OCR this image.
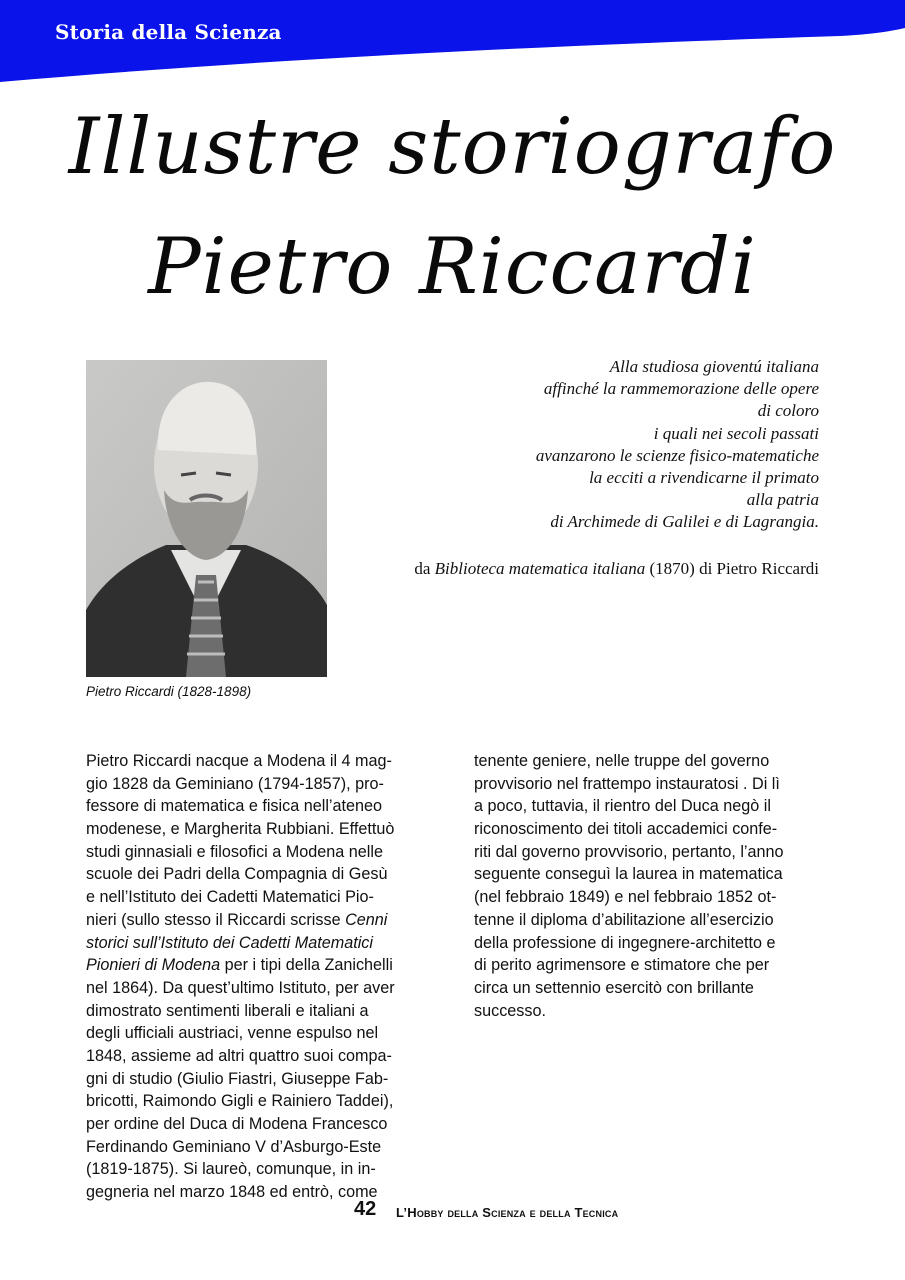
Storia della Scienza
Illustre storiografo
Pietro Riccardi
Pietro Riccardi (1828-1898)
Alla studiosa gioventú italiana
affinché la rammemorazione delle opere
di coloro
i quali nei secoli passati
avanzarono le scienze fisico-matematiche
la ecciti a rivendicarne il primato
alla patria
di Archimede di Galilei e di Lagrangia.
da Biblioteca matematica italiana (1870) di Pietro Riccardi
Pietro Riccardi nacque a Modena il 4 mag-
gio 1828 da Geminiano (1794-1857), pro-
fessore di matematica e fisica nell’ateneo
modenese, e Margherita Rubbiani. Effettuò
studi ginnasiali e filosofici a Modena nelle
scuole dei Padri della Compagnia di Gesù
e nell’Istituto dei Cadetti Matematici Pio-
nieri (sullo stesso il Riccardi scrisse Cenni
storici sull’Istituto dei Cadetti Matematici
Pionieri di Modena per i tipi della Zanichelli
nel 1864). Da quest’ultimo Istituto, per aver
dimostrato sentimenti liberali e italiani a
degli ufficiali austriaci, venne espulso nel
1848, assieme ad altri quattro suoi compa-
gni di studio (Giulio Fiastri, Giuseppe Fab-
bricotti, Raimondo Gigli e Rainiero Taddei),
per ordine del Duca di Modena Francesco
Ferdinando Geminiano V d’Asburgo-Este
(1819-1875). Si laureò, comunque, in in-
gegneria nel marzo 1848 ed entrò, come
tenente geniere, nelle truppe del governo
provvisorio nel frattempo instauratosi . Di lì
a poco, tuttavia, il rientro del Duca negò il
riconoscimento dei titoli accademici confe-
riti dal governo provvisorio, pertanto, l’anno
seguente conseguì la laurea in matematica
(nel febbraio 1849) e nel febbraio 1852 ot-
tenne il diploma d’abilitazione all’esercizio
della professione di ingegnere-architetto e
di perito agrimensore e stimatore che per
circa un settennio esercitò con brillante
successo.
42 L’Hobby della Scienza e della Tecnica
